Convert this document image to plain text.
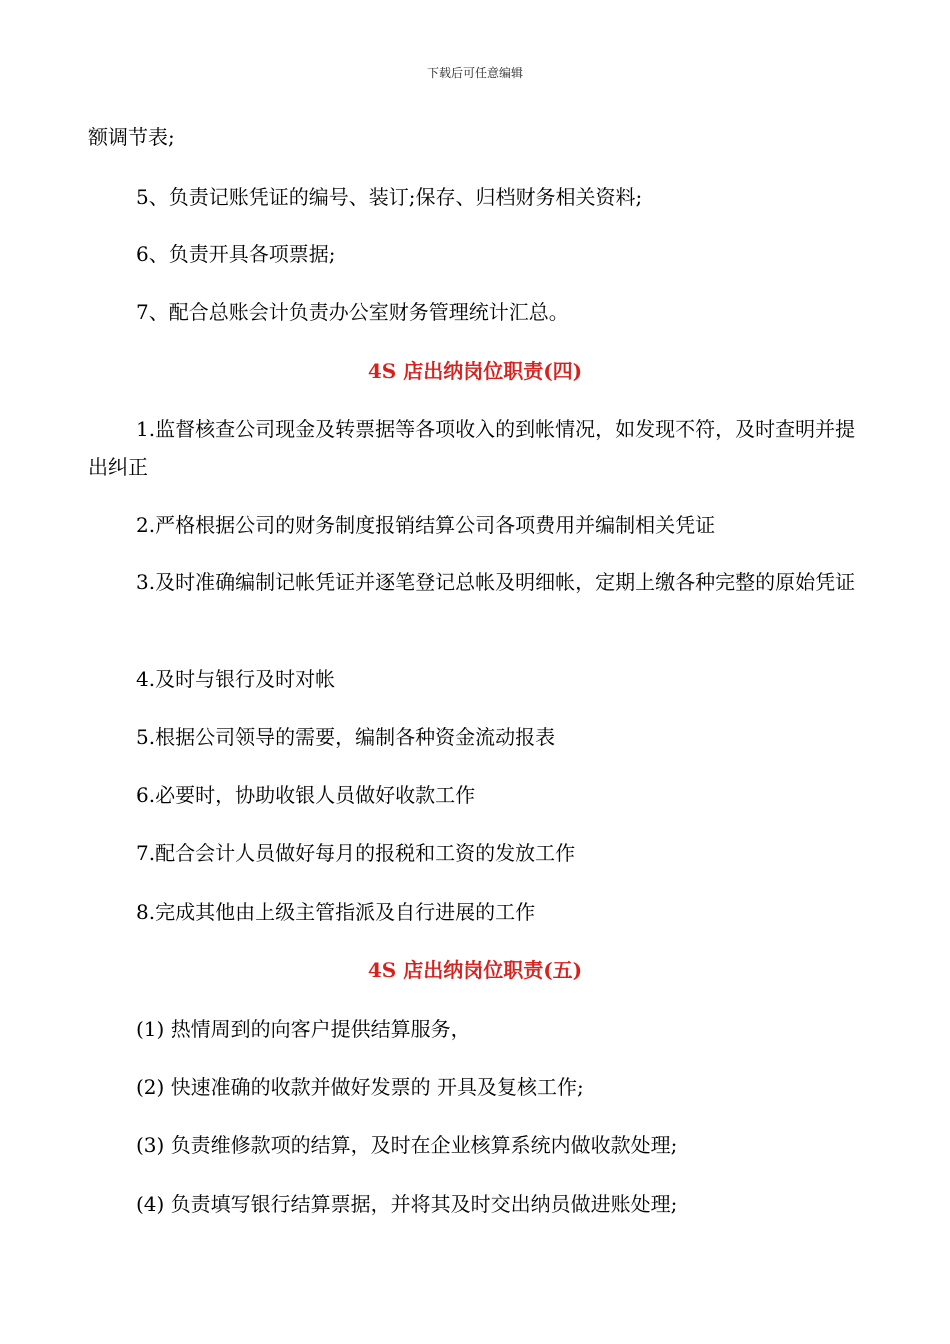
下载后可任意编辑
额调节表;
5、负责记账凭证的编号、装订;保存、归档财务相关资料;
6、负责开具各项票据;
7、配合总账会计负责办公室财务管理统计汇总。
4S 店出纳岗位职责(四)
1.监督核查公司现金及转票据等各项收入的到帐情况，如发现不符，及时查明并提出纠正
2.严格根据公司的财务制度报销结算公司各项费用并编制相关凭证
3.及时准确编制记帐凭证并逐笔登记总帐及明细帐，定期上缴各种完整的原始凭证
4.及时与银行及时对帐
5.根据公司领导的需要，编制各种资金流动报表
6.必要时，协助收银人员做好收款工作
7.配合会计人员做好每月的报税和工资的发放工作
8.完成其他由上级主管指派及自行进展的工作
4S 店出纳岗位职责(五)
(1) 热情周到的向客户提供结算服务，
(2) 快速准确的收款并做好发票的 开具及复核工作;
(3) 负责维修款项的结算，及时在企业核算系统内做收款处理;
(4) 负责填写银行结算票据，并将其及时交出纳员做进账处理;
